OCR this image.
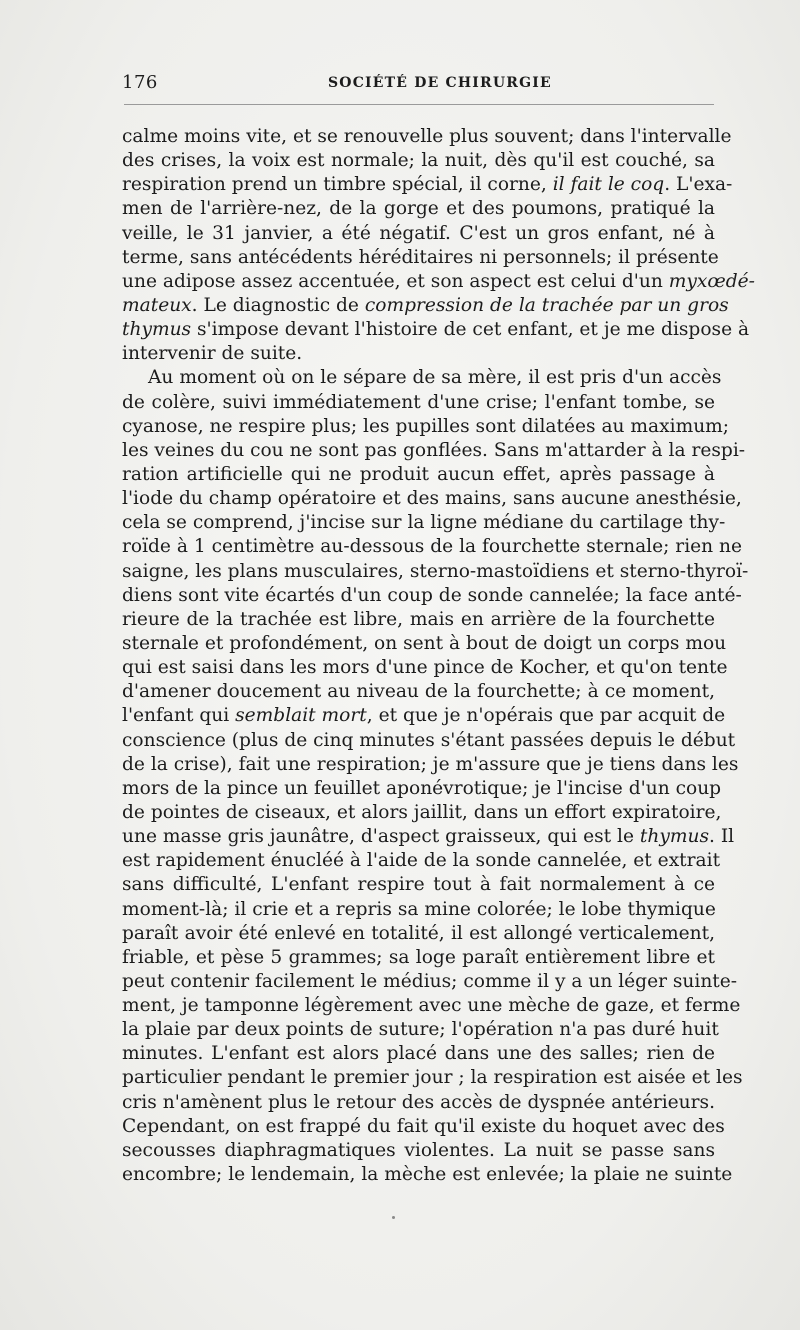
176	SOCIÉTÉ DE CHIRURGIE
calme moins vite, et se renouvelle plus souvent; dans l'intervalle
des crises, la voix est normale; la nuit, dès qu'il est couché, sa
respiration prend un timbre spécial, il corne, il fait le coq. L'exa-
men de l'arrière-nez, de la gorge et des poumons, pratiqué la
veille, le 31 janvier, a été négatif. C'est un gros enfant, né à
terme, sans antécédents héréditaires ni personnels; il présente
une adipose assez accentuée, et son aspect est celui d'un myxœdé-
mateux. Le diagnostic de compression de la trachée par un gros
thymus s'impose devant l'histoire de cet enfant, et je me dispose à
intervenir de suite.
Au moment où on le sépare de sa mère, il est pris d'un accès
de colère, suivi immédiatement d'une crise; l'enfant tombe, se
cyanose, ne respire plus; les pupilles sont dilatées au maximum;
les veines du cou ne sont pas gonflées. Sans m'attarder à la respi-
ration artificielle qui ne produit aucun effet, après passage à
l'iode du champ opératoire et des mains, sans aucune anesthésie,
cela se comprend, j'incise sur la ligne médiane du cartilage thy-
roïde à 1 centimètre au-dessous de la fourchette sternale; rien ne
saigne, les plans musculaires, sterno-mastoïdiens et sterno-thyroï-
diens sont vite écartés d'un coup de sonde cannelée; la face anté-
rieure de la trachée est libre, mais en arrière de la fourchette
sternale et profondément, on sent à bout de doigt un corps mou
qui est saisi dans les mors d'une pince de Kocher, et qu'on tente
d'amener doucement au niveau de la fourchette; à ce moment,
l'enfant qui semblait mort, et que je n'opérais que par acquit de
conscience (plus de cinq minutes s'étant passées depuis le début
de la crise), fait une respiration; je m'assure que je tiens dans les
mors de la pince un feuillet aponévrotique; je l'incise d'un coup
de pointes de ciseaux, et alors jaillit, dans un effort expiratoire,
une masse gris jaunâtre, d'aspect graisseux, qui est le thymus. Il
est rapidement énucléé à l'aide de la sonde cannelée, et extrait
sans difficulté, L'enfant respire tout à fait normalement à ce
moment-là; il crie et a repris sa mine colorée; le lobe thymique
paraît avoir été enlevé en totalité, il est allongé verticalement,
friable, et pèse 5 grammes; sa loge paraît entièrement libre et
peut contenir facilement le médius; comme il y a un léger suinte-
ment, je tamponne légèrement avec une mèche de gaze, et ferme
la plaie par deux points de suture; l'opération n'a pas duré huit
minutes. L'enfant est alors placé dans une des salles; rien de
particulier pendant le premier jour ; la respiration est aisée et les
cris n'amènent plus le retour des accès de dyspnée antérieurs.
Cependant, on est frappé du fait qu'il existe du hoquet avec des
secousses diaphragmatiques violentes. La nuit se passe sans
encombre; le lendemain, la mèche est enlevée; la plaie ne suinte
